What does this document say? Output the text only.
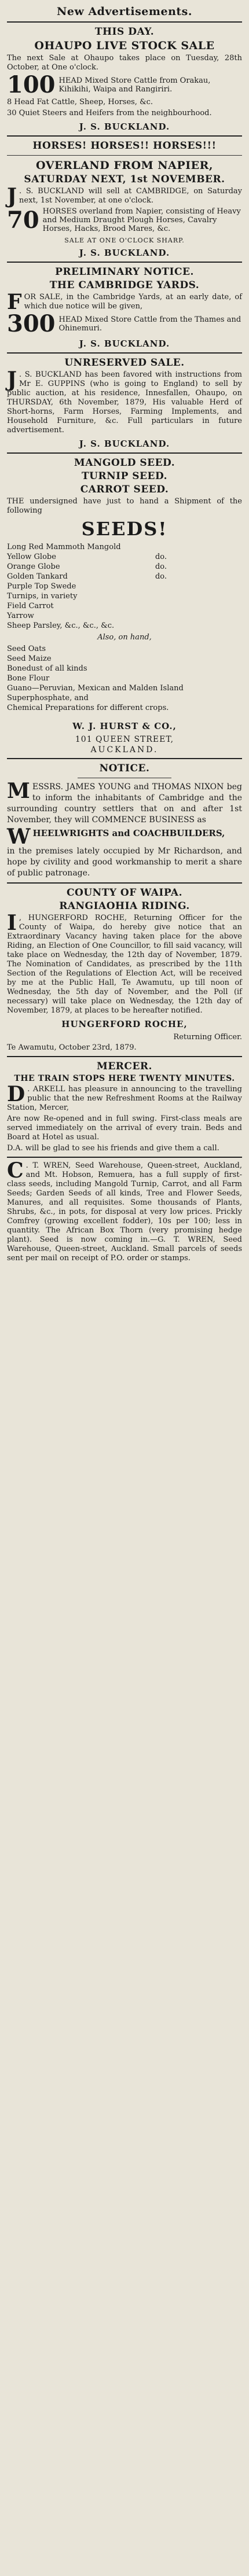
New Advertisements.
THIS DAY.
OHAUPO LIVE STOCK SALE

The next Sale at Ohaupo takes place on Tuesday, 28th October, at One o'clock.

100 HEAD Mixed Store Cattle from Orakau, Kihikihi, Waipa and Rangiriri.

8 Head Fat Cattle, Sheep, Horses, &c.

30 Quiet Steers and Heifers from the neighbourhood.

J. S. BUCKLAND.
HORSES! HORSES!! HORSES!!!
OVERLAND FROM NAPIER,
SATURDAY NEXT, 1st NOVEMBER.

J . S. BUCKLAND will sell at CAMBRIDGE, on Saturday next, 1st November, at one o'clock.

70 HORSES overland from Napier, consisting of Heavy and Medium Draught Plough Horses, Cavalry Horses, Hacks, Brood Mares, &c.
SALE AT ONE O'CLOCK SHARP.
J. S. BUCKLAND.
PRELIMINARY NOTICE.
THE CAMBRIDGE YARDS.

FOR SALE, in the Cambridge Yards, at an early date, of which due notice will be given,

300 HEAD Mixed Store Cattle from the Thames and Ohinemuri.
J. S. BUCKLAND.
UNRESERVED SALE.

J . S. BUCKLAND has been favored with instructions from Mr E. GUPPINS (who is going to England) to sell by public auction, at his residence, Innesfallen, Ohaupo, on THURSDAY, 6th November, 1879, His valuable Herd of Short-horns, Farm Horses, Farming Implements, and Household Furniture, &c. Full particulars in future advertisement.

J. S. BUCKLAND.
MANGOLD SEED.
TURNIP SEED.
CARROT SEED.

THE undersigned have just to hand a Shipment of the following

SEEDS!
Long Red Mammoth Mangold
Yellow Globe	do.
Orange Globe	do.
Golden Tankard	do.
Purple Top Swede
Turnips, in variety
Field Carrot
Yarrow
Sheep Parsley, &c., &c., &c.
Also, on hand,
Seed Oats
Seed Maize
Bonedust of all kinds
Bone Flour
Guano—Peruvian, Mexican and Malden Island
Superphosphate, and
Chemical Preparations for different crops.
W. J. HURST & CO.,
101 QUEEN STREET,
AUCKLAND.
NOTICE.

MESSRS. JAMES YOUNG and THOMAS NIXON beg to inform the inhabitants of Cambridge and the surrounding country settlers that on and after 1st November, they will COMMENCE BUSINESS as

WHEELWRIGHTS and COACHBUILDERS,

in the premises lately occupied by Mr Richardson, and hope by civility and good workmanship to merit a share of public patronage.

COUNTY OF WAIPA.
RANGIAOHIA RIDING.

I , HUNGERFORD ROCHE, Returning Officer for the County of Waipa, do hereby give notice that an Extraordinary Vacancy having taken place for the above Riding, an Election of One Councillor, to fill said vacancy, will take place on Wednesday, the 12th day of November, 1879. The Nomination of Candidates, as prescribed by the 11th Section of the Regulations of Election Act, will be received by me at the Public Hall, Te Awamutu, up till noon of Wednesday, the 5th day of November, and the Poll (if necessary) will take place on Wednesday, the 12th day of November, 1879, at places to be hereafter notified.

HUNGERFORD ROCHE,
Returning Officer.

Te Awamutu, October 23rd, 1879.

MERCER.
THE TRAIN STOPS HERE TWENTY MINUTES.

D . ARKELL has pleasure in announcing to the travelling public that the new Refreshment Rooms at the Railway Station, Mercer,

Are now Re-opened and in full swing. First-class meals are served immediately on the arrival of every train. Beds and Board at Hotel as usual.

D.A. will be glad to see his friends and give them a call.

C . T. WREN, Seed Warehouse, Queen-street, Auckland, and Mt. Hobson, Remuera, has a full supply of first-class seeds, including Mangold Turnip, Carrot, and all Farm Seeds; Garden Seeds of all kinds, Tree and Flower Seeds, Manures, and all requisites. Some thousands of Plants, Shrubs, &c., in pots, for disposal at very low prices. Prickly Comfrey (growing excellent fodder), 10s per 100; less in quantity. The African Box Thorn (very promising hedge plant). Seed is now coming in.—G. T. WREN, Seed Warehouse, Queen-street, Auckland. Small parcels of seeds sent per mail on receipt of P.O. order or stamps.
